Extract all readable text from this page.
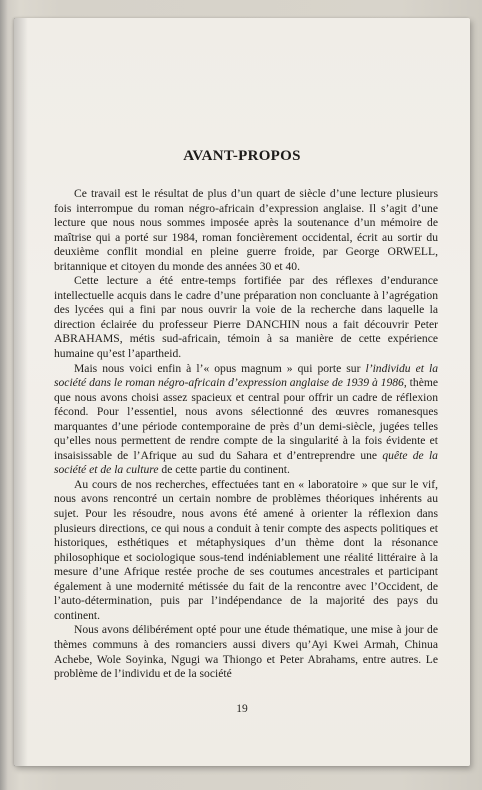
AVANT-PROPOS

Ce travail est le résultat de plus d’un quart de siècle d’une lecture plusieurs fois interrompue du roman négro-africain d’expression anglaise. Il s’agit d’une lecture que nous nous sommes imposée après la soutenance d’un mémoire de maîtrise qui a porté sur 1984, roman foncièrement occidental, écrit au sortir du deuxième conflit mondial en pleine guerre froide, par George ORWELL, britannique et citoyen du monde des années 30 et 40.

Cette lecture a été entre-temps fortifiée par des réflexes d’endurance intellectuelle acquis dans le cadre d’une préparation non concluante à l’agrégation des lycées qui a fini par nous ouvrir la voie de la recherche dans laquelle la direction éclairée du professeur Pierre DANCHIN nous a fait découvrir Peter ABRAHAMS, métis sud-africain, témoin à sa manière de cette expérience humaine qu’est l’apartheid.

Mais nous voici enfin à l’« opus magnum » qui porte sur l’individu et la société dans le roman négro-africain d’expression anglaise de 1939 à 1986, thème que nous avons choisi assez spacieux et central pour offrir un cadre de réflexion fécond. Pour l’essentiel, nous avons sélectionné des œuvres romanesques marquantes d’une période contemporaine de près d’un demi-siècle, jugées telles qu’elles nous permettent de rendre compte de la singularité à la fois évidente et insaisissable de l’Afrique au sud du Sahara et d’entreprendre une quête de la société et de la culture de cette partie du continent.

Au cours de nos recherches, effectuées tant en « laboratoire » que sur le vif, nous avons rencontré un certain nombre de problèmes théoriques inhérents au sujet. Pour les résoudre, nous avons été amené à orienter la réflexion dans plusieurs directions, ce qui nous a conduit à tenir compte des aspects politiques et historiques, esthétiques et métaphysiques d’un thème dont la résonance philosophique et sociologique sous-tend indéniablement une réalité littéraire à la mesure d’une Afrique restée proche de ses coutumes ancestrales et participant également à une modernité métissée du fait de la rencontre avec l’Occident, de l’auto-détermination, puis par l’indépendance de la majorité des pays du continent.

Nous avons délibérément opté pour une étude thématique, une mise à jour de thèmes communs à des romanciers aussi divers qu’Ayi Kwei Armah, Chinua Achebe, Wole Soyinka, Ngugi wa Thiongo et Peter Abrahams, entre autres. Le problème de l’individu et de la société

19
